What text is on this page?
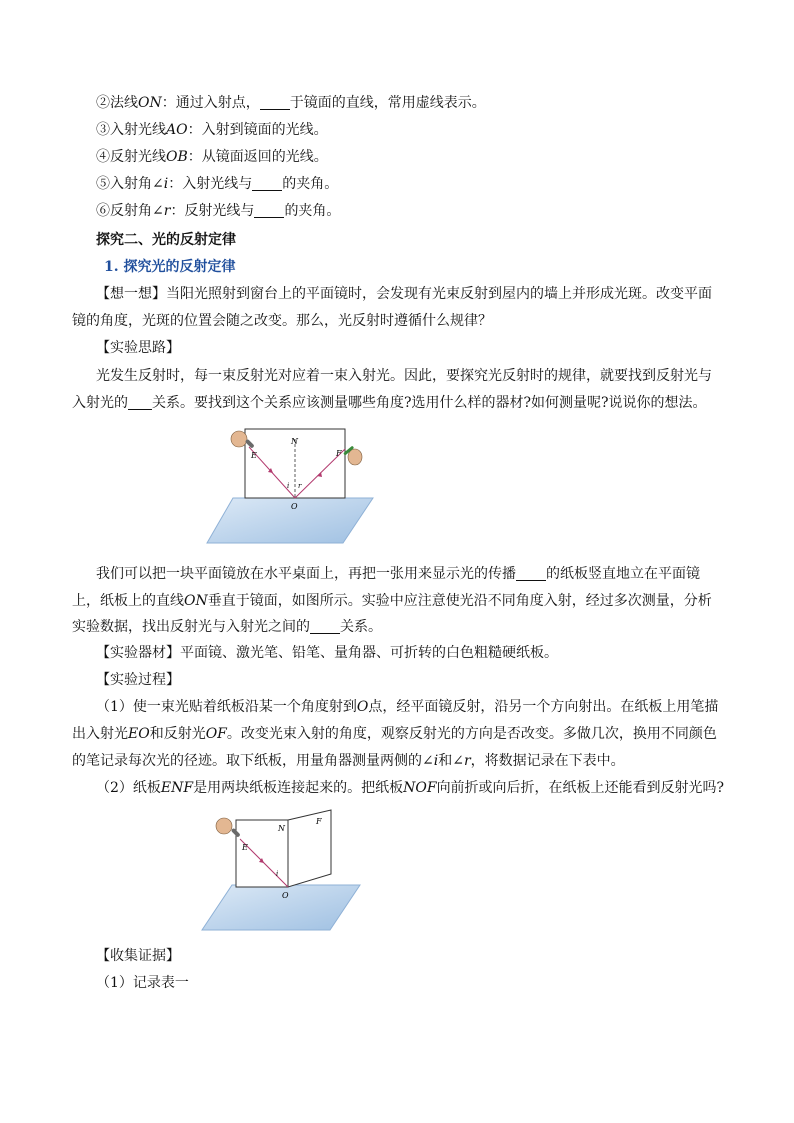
②法线ON：通过入射点， 于镜面的直线，常用虚线表示。
③入射光线AO：入射到镜面的光线。
④反射光线OB：从镜面返回的光线。
⑤入射角∠i：入射光线与 的夹角。
⑥反射角∠r：反射光线与 的夹角。
探究二、光的反射定律
1. 探究光的反射定律
【想一想】当阳光照射到窗台上的平面镜时，会发现有光束反射到屋内的墙上并形成光斑。改变平面
镜的角度，光斑的位置会随之改变。那么，光反射时遵循什么规律？
【实验思路】
光发生反射时，每一束反射光对应着一束入射光。因此，要探究光反射时的规律，就要找到反射光与
入射光的 关系。要找到这个关系应该测量哪些角度?选用什么样的器材?如何测量呢?说说你的想法。
N
E	F
i r
O
我们可以把一块平面镜放在水平桌面上，再把一张用来显示光的传播 的纸板竖直地立在平面镜
上，纸板上的直线ON垂直于镜面，如图所示。实验中应注意使光沿不同角度入射，经过多次测量，分析
实验数据，找出反射光与入射光之间的 关系。
【实验器材】平面镜、激光笔、铅笔、量角器、可折转的白色粗糙硬纸板。
【实验过程】
（1）使一束光贴着纸板沿某一个角度射到O点，经平面镜反射，沿另一个方向射出。在纸板上用笔描
出入射光EO和反射光OF。改变光束入射的角度，观察反射光的方向是否改变。多做几次，换用不同颜色
的笔记录每次光的径迹。取下纸板，用量角器测量两侧的∠i和∠r，将数据记录在下表中。
（2）纸板ENF是用两块纸板连接起来的。把纸板NOF向前折或向后折，在纸板上还能看到反射光吗?
N
E
F
i
O
【收集证据】
（1）记录表一
